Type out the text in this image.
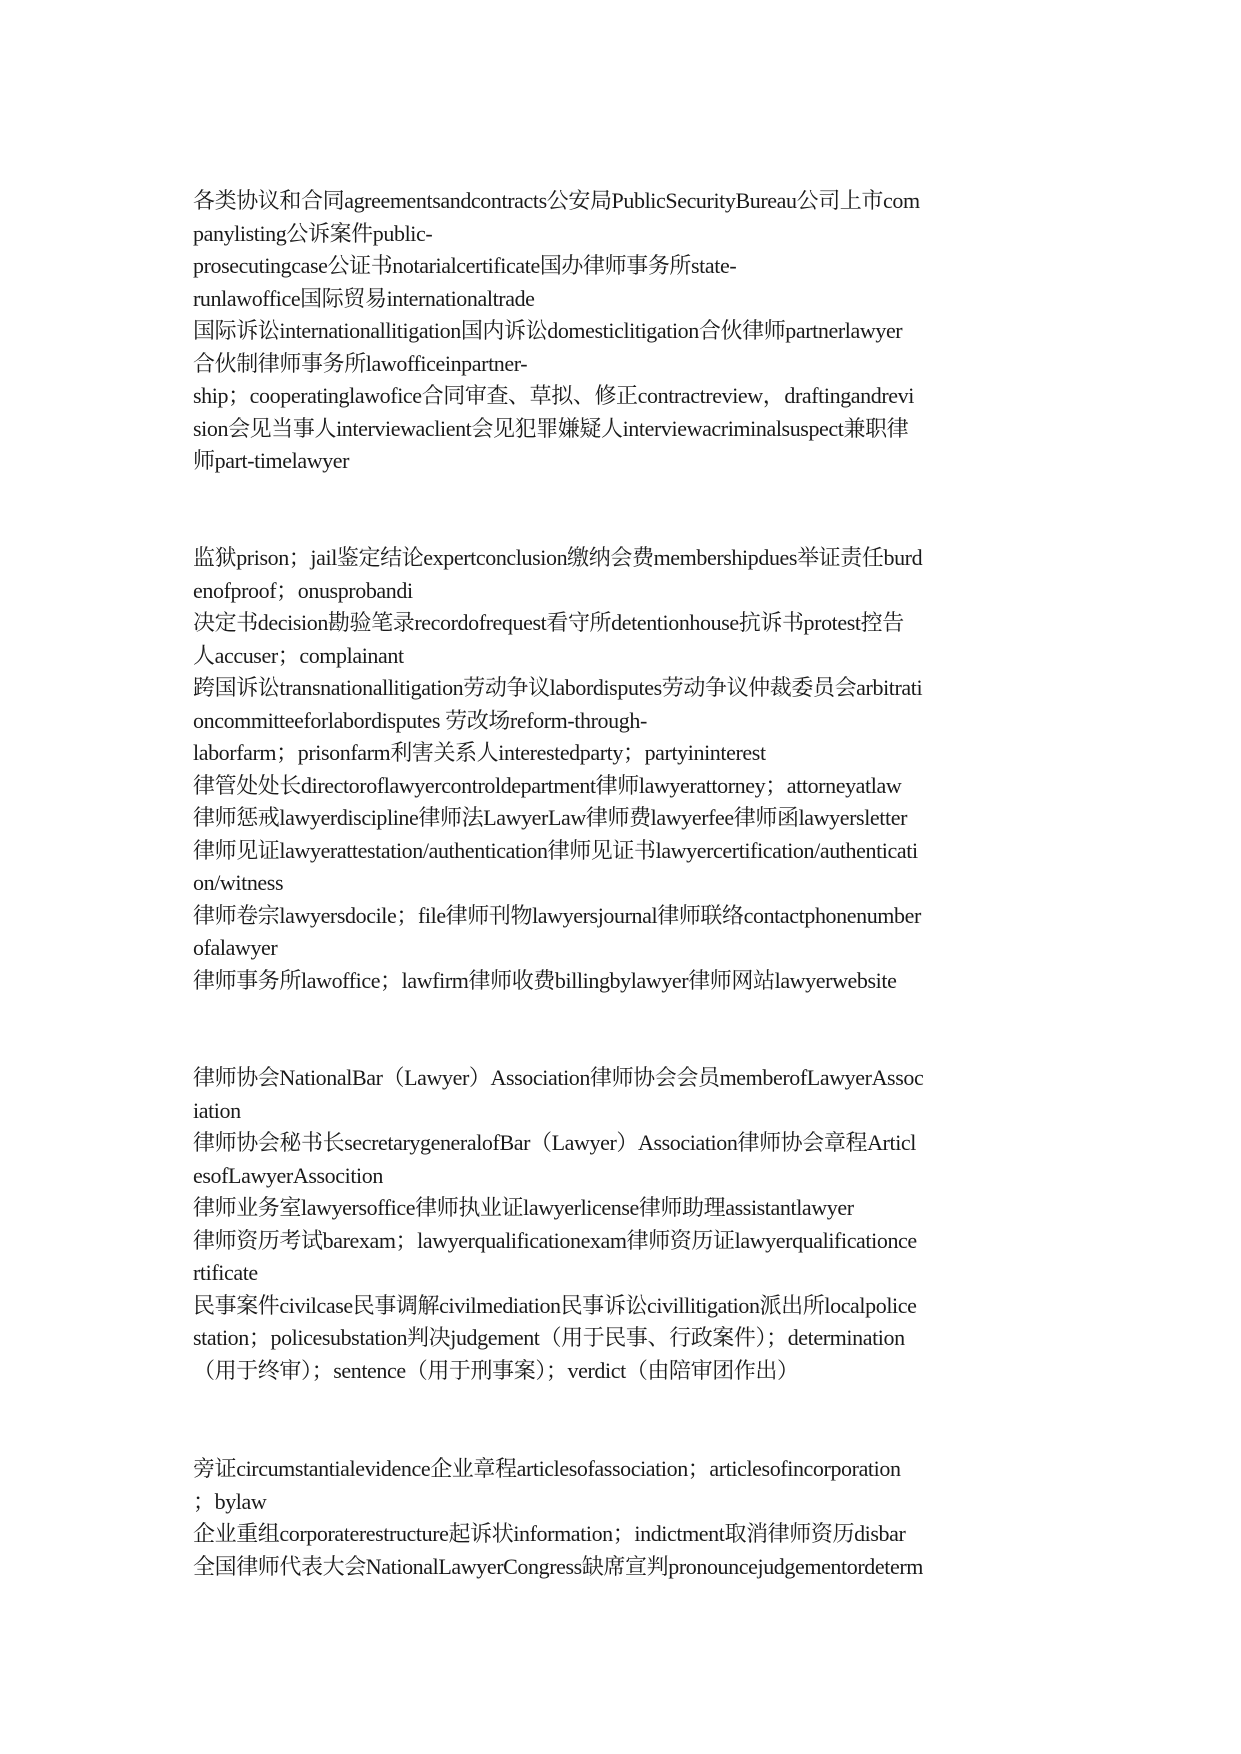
各类协议和合同agreementsandcontracts公安局PublicSecurityBureau公司上市com
panylisting公诉案件public-
prosecutingcase公证书notarialcertificate国办律师事务所state-
runlawoffice国际贸易internationaltrade
国际诉讼internationallitigation国内诉讼domesticlitigation合伙律师partnerlawyer
合伙制律师事务所lawofficeinpartner-
ship；cooperatinglawofice合同审查、草拟、修正contractreview，draftingandrevi
sion会见当事人interviewaclient会见犯罪嫌疑人interviewacriminalsuspect兼职律
师part-timelawyer
监狱prison；jail鉴定结论expertconclusion缴纳会费membershipdues举证责任burd
enofproof；onusprobandi
决定书decision勘验笔录recordofrequest看守所detentionhouse抗诉书protest控告
人accuser；complainant
跨国诉讼transnationallitigation劳动争议labordisputes劳动争议仲裁委员会arbitrati
oncommitteeforlabordisputes 劳改场reform-through-
laborfarm；prisonfarm利害关系人interestedparty；partyininterest
律管处处长directoroflawyercontroldepartment律师lawyerattorney；attorneyatlaw
律师惩戒lawyerdiscipline律师法LawyerLaw律师费lawyerfee律师函lawyersletter
律师见证lawyerattestation/authentication律师见证书lawyercertification/authenticati
on/witness
律师卷宗lawyersdocile；file律师刊物lawyersjournal律师联络contactphonenumber
ofalawyer
律师事务所lawoffice；lawfirm律师收费billingbylawyer律师网站lawyerwebsite
律师协会NationalBar（Lawyer）Association律师协会会员memberofLawyerAssoc
iation
律师协会秘书长secretarygeneralofBar（Lawyer）Association律师协会章程Articl
esofLawyerAssocition
律师业务室lawyersoffice律师执业证lawyerlicense律师助理assistantlawyer
律师资历考试barexam；lawyerqualificationexam律师资历证lawyerqualificationce
rtificate
民事案件civilcase民事调解civilmediation民事诉讼civillitigation派出所localpolice
station；policesubstation判决judgement（用于民事、行政案件）；determination
（用于终审）；sentence（用于刑事案）；verdict（由陪审团作出）
旁证circumstantialevidence企业章程articlesofassociation；articlesofincorporation
；bylaw
企业重组corporaterestructure起诉状information；indictment取消律师资历disbar
全国律师代表大会NationalLawyerCongress缺席宣判pronouncejudgementordeterm
